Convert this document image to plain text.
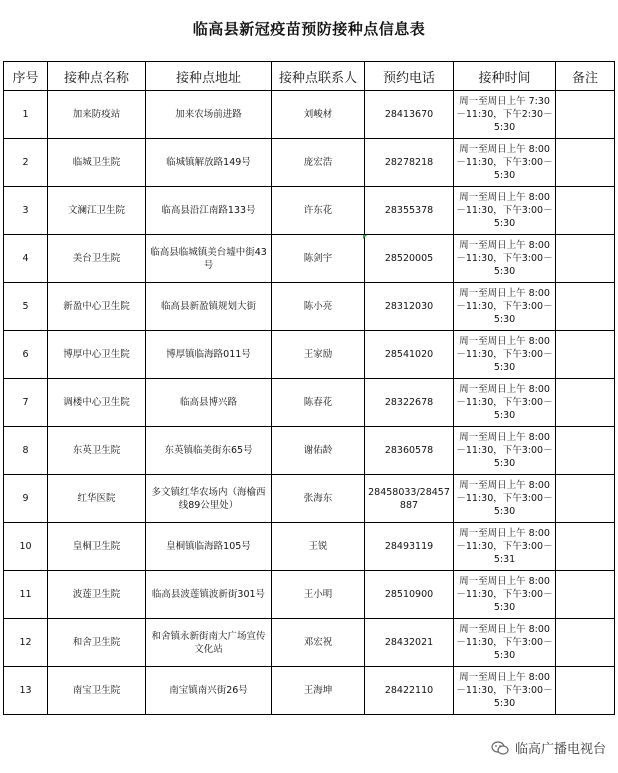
临高县新冠疫苗预防接种点信息表
序号	接种点名称	接种点地址	接种点联系人	预约电话	接种时间	备注
1	加来防疫站	加来农场前进路	刘峻材	28413670	周一至周日上午 7:30－11:30，下午2:30－5:30	
2	临城卫生院	临城镇解放路149号	庞宏浩	28278218	周一至周日上午 8:00－11:30，下午3:00－5:30	
3	文澜江卫生院	临高县沿江南路133号	许东花	28355378	周一至周日上午 8:00－11:30，下午3:00－5:30	
4	美台卫生院	临高县临城镇美台墟中街43号	陈剑宇	28520005	周一至周日上午 8:00－11:30，下午3:00－5:30	
5	新盈中心卫生院	临高县新盈镇规划大街	陈小亮	28312030	周一至周日上午 8:00－11:30，下午3:00－5:30	
6	博厚中心卫生院	博厚镇临海路011号	王家励	28541020	周一至周日上午 8:00－11:30，下午3:00－5:30	
7	调楼中心卫生院	临高县博兴路	陈春花	28322678	周一至周日上午 8:00－11:30，下午3:00－5:30	
8	东英卫生院	东英镇临美街东65号	谢佑龄	28360578	周一至周日上午 8:00－11:30，下午3:00－5:30	
9	红华医院	多文镇红华农场内（海榆西线89公里处）	张海东	28458033/28457887	周一至周日上午 8:00－11:30，下午3:00－5:30	
10	皇桐卫生院	皇桐镇临海路105号	王锐	28493119	周一至周日上午 8:00－11:30，下午3:00－5:31	
11	波莲卫生院	临高县波莲镇波新街301号	王小明	28510900	周一至周日上午 8:00－11:30，下午3:00－5:30	
12	和舍卫生院	和舍镇永新街南大广场宣传文化站	邓宏祝	28432021	周一至周日上午 8:00－11:30，下午3:00－5:30	
13	南宝卫生院	南宝镇南兴街26号	王海坤	28422110	周一至周日上午 8:00－11:30，下午3:00－5:30	
临高广播电视台
